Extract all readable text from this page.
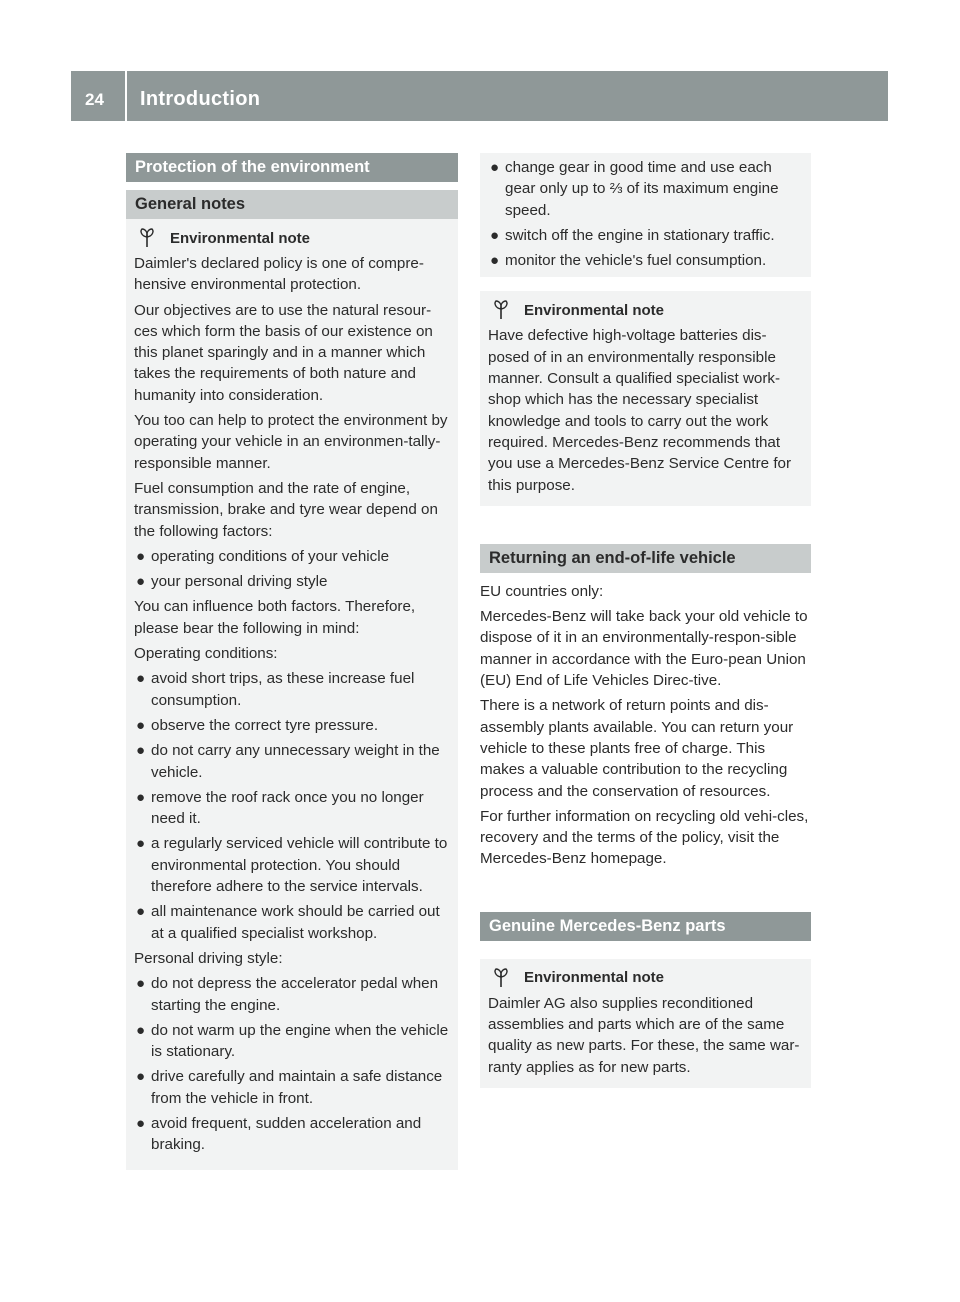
24 Introduction
Protection of the environment
General notes
Environmental note

Daimler's declared policy is one of compre-hensive environmental protection.

Our objectives are to use the natural resour-ces which form the basis of our existence on this planet sparingly and in a manner which takes the requirements of both nature and humanity into consideration.

You too can help to protect the environment by operating your vehicle in an environmen-tally-responsible manner.

Fuel consumption and the rate of engine, transmission, brake and tyre wear depend on the following factors:

● operating conditions of your vehicle
● your personal driving style

You can influence both factors. Therefore, please bear the following in mind:

Operating conditions:

● avoid short trips, as these increase fuel consumption.
● observe the correct tyre pressure.
● do not carry any unnecessary weight in the vehicle.
● remove the roof rack once you no longer need it.
● a regularly serviced vehicle will contribute to environmental protection. You should therefore adhere to the service intervals.
● all maintenance work should be carried out at a qualified specialist workshop.

Personal driving style:

● do not depress the accelerator pedal when starting the engine.
● do not warm up the engine when the vehicle is stationary.
● drive carefully and maintain a safe distance from the vehicle in front.
● avoid frequent, sudden acceleration and braking.
● change gear in good time and use each gear only up to ⅔ of its maximum engine speed.
● switch off the engine in stationary traffic.
● monitor the vehicle's fuel consumption.
Environmental note

Have defective high-voltage batteries dis-posed of in an environmentally responsible manner. Consult a qualified specialist work-shop which has the necessary specialist knowledge and tools to carry out the work required. Mercedes-Benz recommends that you use a Mercedes-Benz Service Centre for this purpose.

Returning an end-of-life vehicle

EU countries only:

Mercedes-Benz will take back your old vehicle to dispose of it in an environmentally-respon-sible manner in accordance with the Euro-pean Union (EU) End of Life Vehicles Direc-tive.

There is a network of return points and dis-assembly plants available. You can return your vehicle to these plants free of charge. This makes a valuable contribution to the recycling process and the conservation of resources.

For further information on recycling old vehi-cles, recovery and the terms of the policy, visit the Mercedes-Benz homepage.

Genuine Mercedes-Benz parts
Environmental note

Daimler AG also supplies reconditioned assemblies and parts which are of the same quality as new parts. For these, the same war-ranty applies as for new parts.
